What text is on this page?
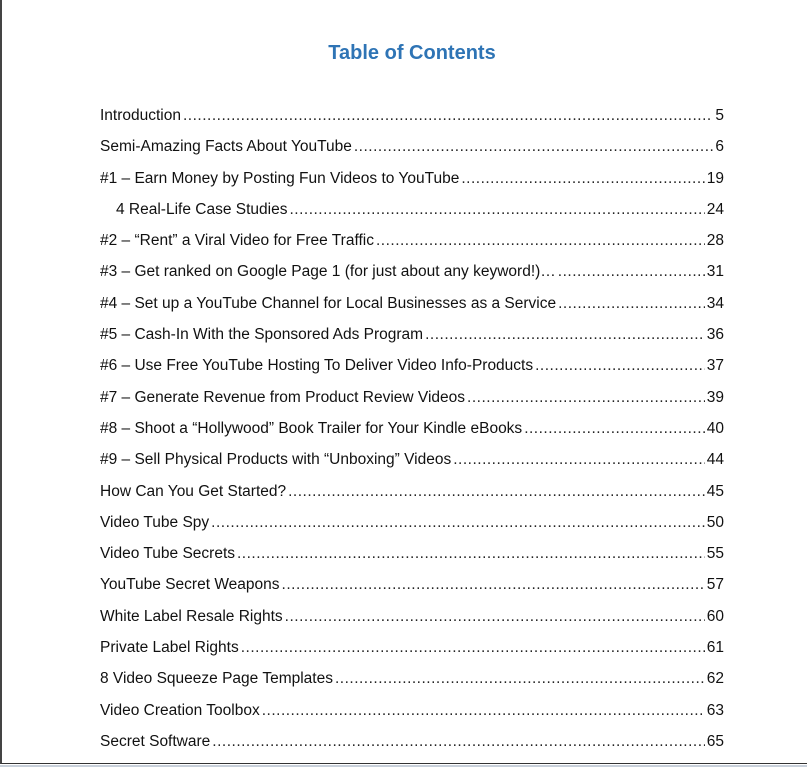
Table of Contents
Introduction .....	5
Semi-Amazing Facts About YouTube .....	6
#1 – Earn Money by Posting Fun Videos to YouTube .....	19
4 Real-Life Case Studies .....	24
#2 – “Rent” a Viral Video for Free Traffic .....	28
#3 – Get ranked on Google Page 1 (for just about any keyword!)… .....	31
#4 – Set up a YouTube Channel for Local Businesses as a Service .....	34
#5 – Cash-In With the Sponsored Ads Program .....	36
#6 – Use Free YouTube Hosting To Deliver Video Info-Products .....	37
#7 – Generate Revenue from Product Review Videos .....	39
#8 – Shoot a “Hollywood” Book Trailer for Your Kindle eBooks .....	40
#9 – Sell Physical Products with “Unboxing” Videos .....	44
How Can You Get Started? .....	45
Video Tube Spy .....	50
Video Tube Secrets .....	55
YouTube Secret Weapons .....	57
White Label Resale Rights .....	60
Private Label Rights .....	61
8 Video Squeeze Page Templates .....	62
Video Creation Toolbox .....	63
Secret Software .....	65
